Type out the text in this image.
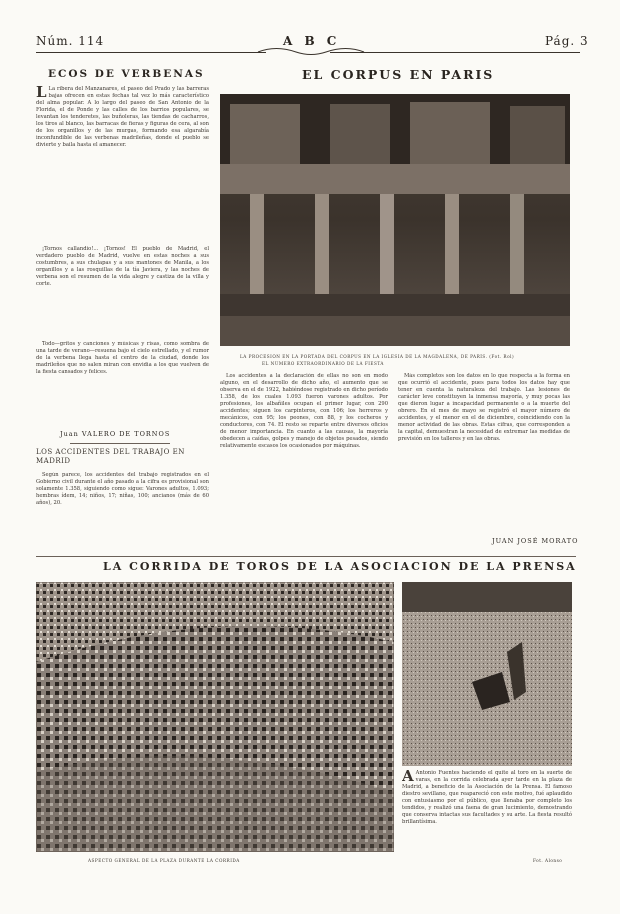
Núm. 114	A B C	Pág. 3
ECOS DE VERBENAS
L La ribera del Manzanares, el paseo del Prado y las barreras bajas ofrecen en estas fechas tal vez lo más característico del alma popular. A lo largo del paseo de San Antonio de la Florida, el de Ponde y las calles de los barrios populares, se levantan los tenderetes, las buñoleras, las tiendas de cacharros, los tiros al blanco, las barracas de fieras y figuras de cera, al son de los organillos y de las murgas, formando esa algarabía inconfundible de las verbenas madrileñas, donde el pueblo se divierte y baila hasta el amanecer.
¡Tornos callandio!... ¡Tornos! El pueblo de Madrid, el verdadero pueblo de Madrid, vuelve en estas noches a sus costumbres, a sus chulapas y a sus mantones de Manila, a los organillos y a las rosquillas de la tía Javiera, y las noches de verbena son el resumen de la vida alegre y castiza de la villa y corte.
Todo—gritos y canciones y músicas y risas, como sombra de una tarde de verano—resuena bajo el cielo estrellado, y el rumor de la verbena llega hasta el centro de la ciudad, donde los madrileños que no salen miran con envidia a los que vuelven de la fiesta cansados y felices.
Juan VALERO DE TORNOS
LOS ACCIDENTES DEL TRABAJO EN MADRID
Según parece, los accidentes del trabajo registrados en el Gobierno civil durante el año pasado a la cifra es provisional son solamente 1.358, siguiendo como sigue: Varones adultos, 1.093; hembras ídem, 14; niños, 17; niñas, 100; ancianos (más de 60 años), 20.
EL CORPUS EN PARIS
LA PROCESIÓN EN LA PORTADA DEL CORPUS EN LA IGLESIA DE LA MAGDALENA, DE PARÍS. (Fot. Rol)
EL NÚMERO EXTRAORDINARIO DE LA FIESTA
Los accidentes a la declaración de ellas no son en modo alguno, en el desarrollo de dicho año, el aumento que se observa en el de 1922, habiéndose registrado en dicho período 1.358, de los cuales 1.093 fueron varones adultos. Por profesiones, los albañiles ocupan el primer lugar, con 290 accidentes; siguen los carpinteros, con 106; los herreros y mecánicos, con 95; los peones, con 88, y los cocheros y conductores, con 74. El resto se reparte entre diversos oficios de menor importancia. En cuanto a las causas, la mayoría obedecen a caídas, golpes y manejo de objetos pesados, siendo relativamente escasos los ocasionados por máquinas.
Más completos son los datos en lo que respecta a la forma en que ocurrió el accidente, pues para todos los datos hay que tener en cuenta la naturaleza del trabajo. Las lesiones de carácter leve constituyen la inmensa mayoría, y muy pocas las que dieron lugar a incapacidad permanente o a la muerte del obrero. En el mes de mayo se registró el mayor número de accidentes, y el menor en el de diciembre, coincidiendo con la menor actividad de las obras. Estas cifras, que corresponden a la capital, demuestran la necesidad de extremar las medidas de previsión en los talleres y en las obras.
JUAN JOSÉ MORATO
LA CORRIDA DE TOROS DE LA ASOCIACION DE LA PRENSA
ASPECTO GENERAL DE LA PLAZA DURANTE LA CORRIDA
A Antonio Fuentes haciendo el quite al toro en la suerte de varas, en la corrida celebrada ayer tarde en la plaza de Madrid, a beneficio de la Asociación de la Prensa. El famoso diestro sevillano, que reapareció con este motivo, fué aplaudido con entusiasmo por el público, que llenaba por completo los tendidos, y realizó una faena de gran lucimiento, demostrando que conserva intactas sus facultades y su arte. La fiesta resultó brillantísima.
Fot. Alonso
